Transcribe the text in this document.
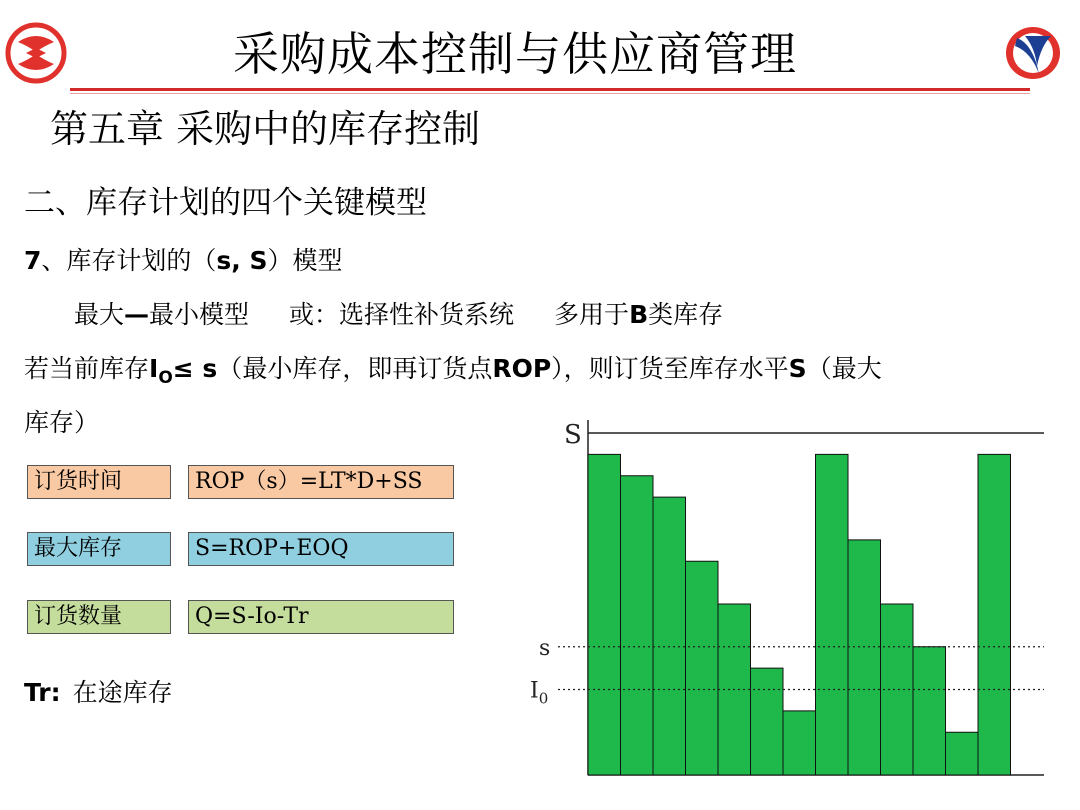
采购成本控制与供应商管理
第五章 采购中的库存控制
二、库存计划的四个关键模型
7、库存计划的（s, S）模型
最大—最小模型 或：选择性补货系统 多用于B类库存
若当前库存$I_O\le s$（最小库存，即再订货点ROP），则订货至库存水平S（最大
库存）
订货时间	ROP（s）=LT*D+SS
最大库存	S=ROP+EOQ
订货数量	Q=S-Io-Tr
Tr: 在途库存
S
s
$I_0$
